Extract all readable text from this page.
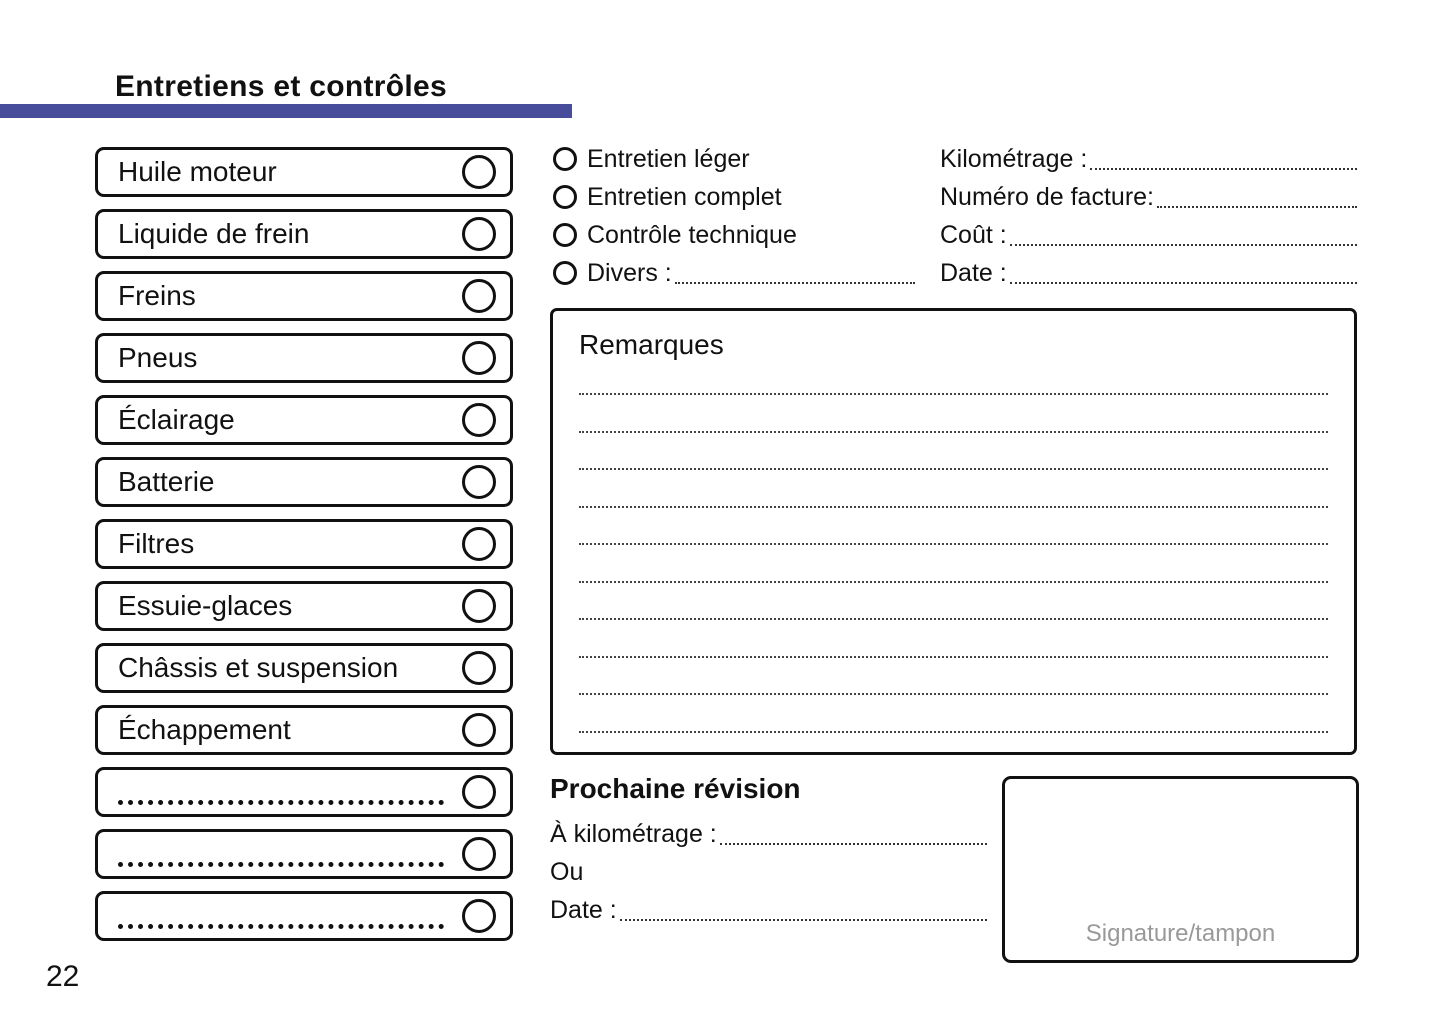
Entretiens et contrôles
Huile moteur
Liquide de frein
Freins
Pneus
Éclairage
Batterie
Filtres
Essuie-glaces
Châssis et suspension
Échappement
Entretien léger
Entretien complet
Contrôle technique
Divers :
Kilométrage :
Numéro de facture:
Coût :
Date :
Remarques
Prochaine révision
À kilométrage :
Ou
Date :
Signature/tampon
22
